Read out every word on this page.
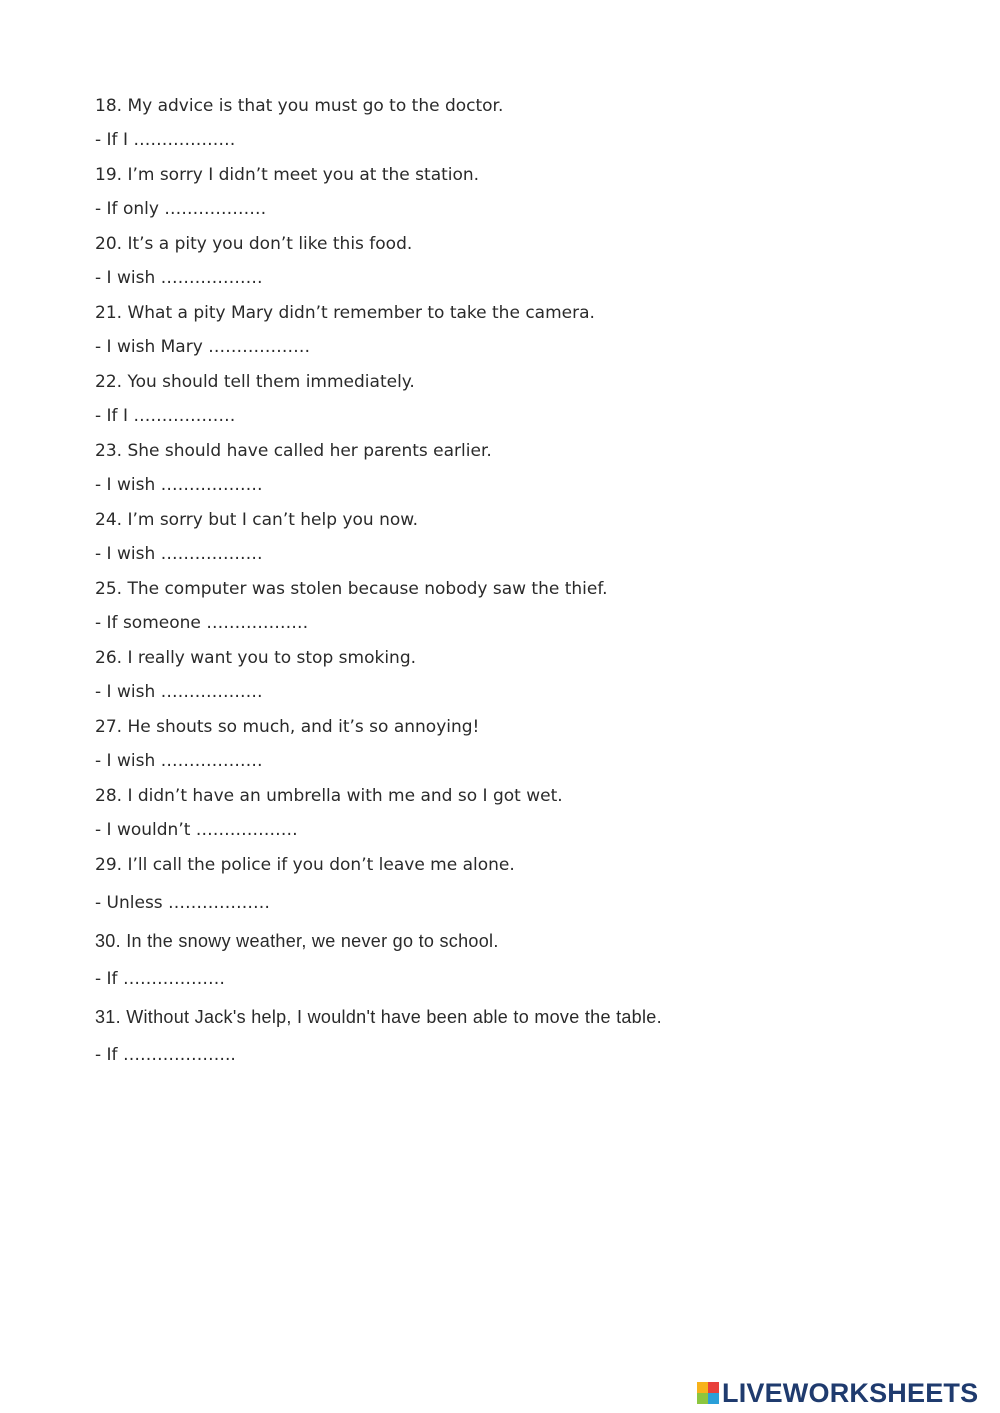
18. My advice is that you must go to the doctor.
- If I ………………
19. I’m sorry I didn’t meet you at the station.
- If only ………………
20. It’s a pity you don’t like this food.
- I wish ………………
21. What a pity Mary didn’t remember to take the camera.
- I wish Mary ………………
22. You should tell them immediately.
- If I ………………
23. She should have called her parents earlier.
- I wish ………………
24. I’m sorry but I can’t help you now.
- I wish ………………
25. The computer was stolen because nobody saw the thief.
- If someone ………………
26. I really want you to stop smoking.
- I wish ………………
27. He shouts so much, and it’s so annoying!
- I wish ………………
28. I didn’t have an umbrella with me and so I got wet.
- I wouldn’t ………………
29. I’ll call the police if you don’t leave me alone.
- Unless ………………
30. In the snowy weather, we never go to school.
- If ………………
31. Without Jack's help, I wouldn't have been able to move the table.
- If ………………..
LIVEWORKSHEETS
